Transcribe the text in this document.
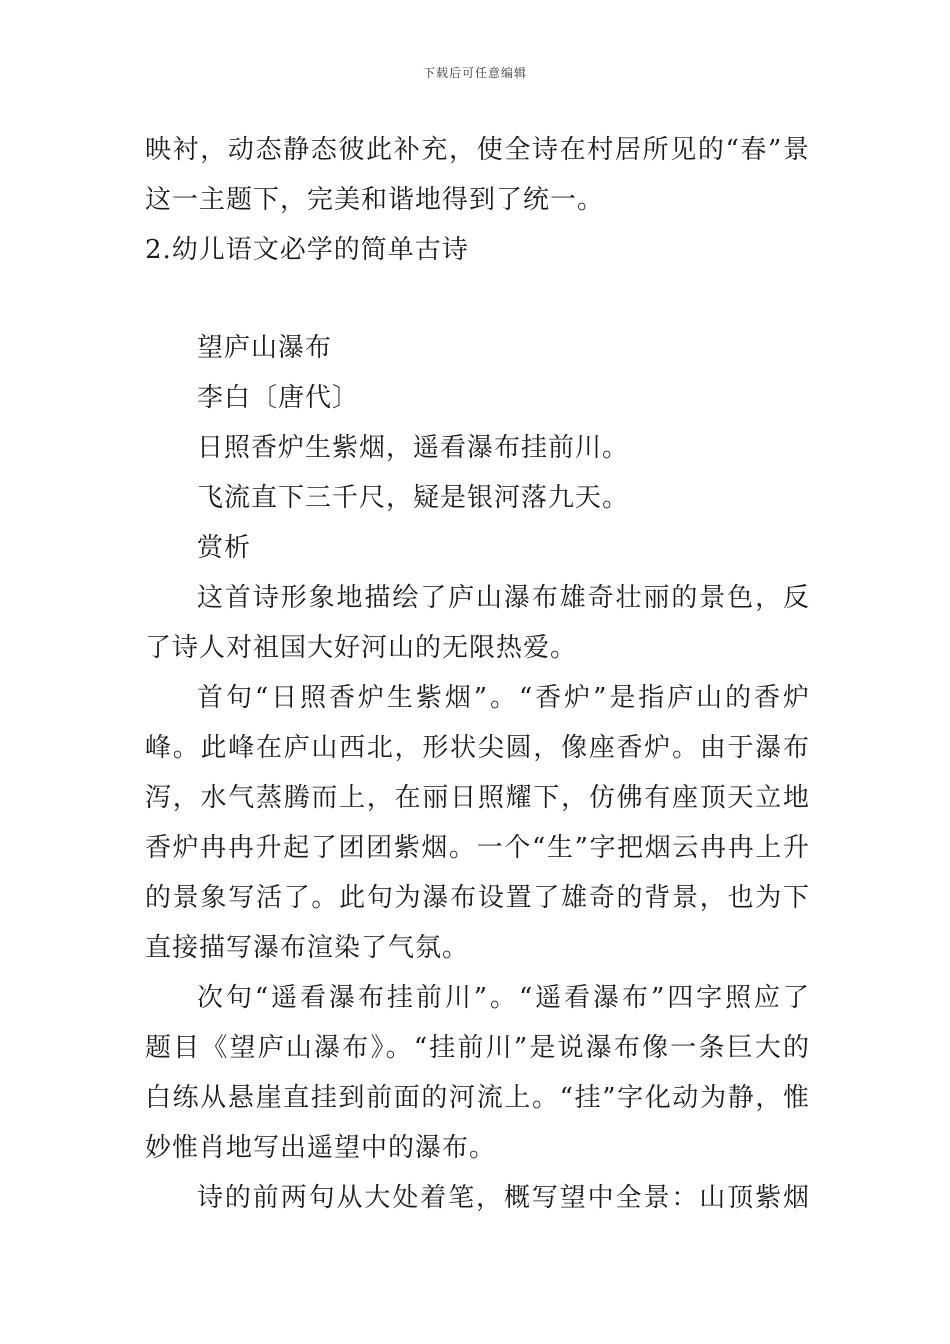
下载后可任意编辑
映衬，动态静态彼此补充，使全诗在村居所见的“春”景
这一主题下，完美和谐地得到了统一。
2.幼儿语文必学的简单古诗
望庐山瀑布
李白〔唐代〕
日照香炉生紫烟，遥看瀑布挂前川。
飞流直下三千尺，疑是银河落九天。
赏析
这首诗形象地描绘了庐山瀑布雄奇壮丽的景色，反
了诗人对祖国大好河山的无限热爱。
首句“日照香炉生紫烟”。“香炉”是指庐山的香炉
峰。此峰在庐山西北，形状尖圆，像座香炉。由于瀑布
泻，水气蒸腾而上，在丽日照耀下，仿佛有座顶天立地
香炉冉冉升起了团团紫烟。一个“生”字把烟云冉冉上升
的景象写活了。此句为瀑布设置了雄奇的背景，也为下
直接描写瀑布渲染了气氛。
次句“遥看瀑布挂前川”。“遥看瀑布”四字照应了
题目《望庐山瀑布》。“挂前川”是说瀑布像一条巨大的
白练从悬崖直挂到前面的河流上。“挂”字化动为静，惟
妙惟肖地写出遥望中的瀑布。
诗的前两句从大处着笔，概写望中全景：山顶紫烟
